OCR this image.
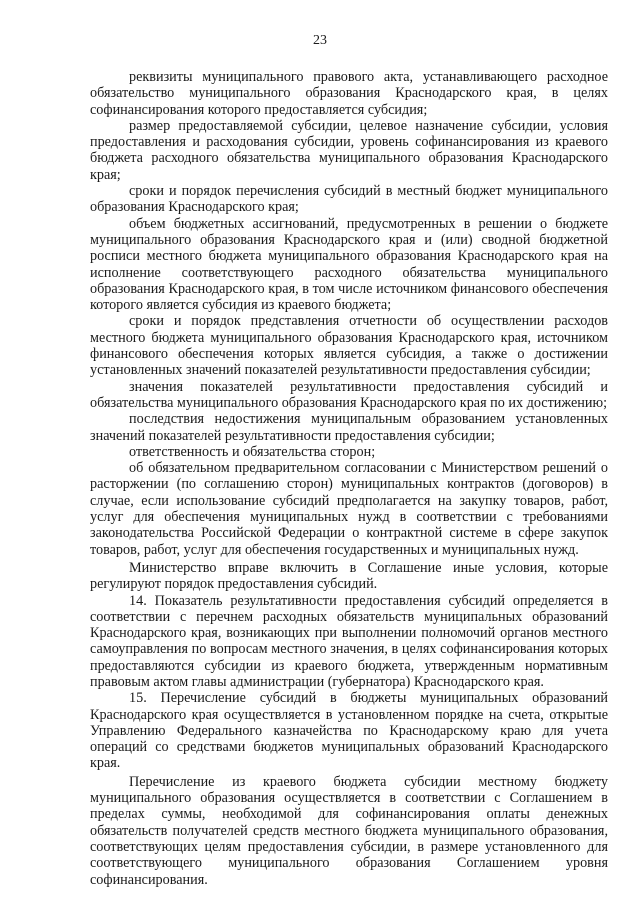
23

реквизиты муниципального правового акта, устанавливающего расходное обязательство муниципального образования Краснодарского края, в целях софинансирования которого предоставляется субсидия;

размер предоставляемой субсидии, целевое назначение субсидии, условия предоставления и расходования субсидии, уровень софинансирования из краевого бюджета расходного обязательства муниципального образования Краснодарского края;

сроки и порядок перечисления субсидий в местный бюджет муниципального образования Краснодарского края;

объем бюджетных ассигнований, предусмотренных в решении о бюджете муниципального образования Краснодарского края и (или) сводной бюджетной росписи местного бюджета муниципального образования Краснодарского края на исполнение соответствующего расходного обязательства муниципального образования Краснодарского края, в том числе источником финансового обеспечения которого является субсидия из краевого бюджета;

сроки и порядок представления отчетности об осуществлении расходов местного бюджета муниципального образования Краснодарского края, источником финансового обеспечения которых является субсидия, а также о достижении установленных значений показателей результативности предоставления субсидии;

значения показателей результативности предоставления субсидий и обязательства муниципального образования Краснодарского края по их достижению;

последствия недостижения муниципальным образованием установленных значений показателей результативности предоставления субсидии;

ответственность и обязательства сторон;

об обязательном предварительном согласовании с Министерством решений о расторжении (по соглашению сторон) муниципальных контрактов (договоров) в случае, если использование субсидий предполагается на закупку товаров, работ, услуг для обеспечения муниципальных нужд в соответствии с требованиями законодательства Российской Федерации о контрактной системе в сфере закупок товаров, работ, услуг для обеспечения государственных и муниципальных нужд.

Министерство вправе включить в Соглашение иные условия, которые регулируют порядок предоставления субсидий.

14. Показатель результативности предоставления субсидий определяется в соответствии с перечнем расходных обязательств муниципальных образований Краснодарского края, возникающих при выполнении полномочий органов местного самоуправления по вопросам местного значения, в целях софинансирования которых предоставляются субсидии из краевого бюджета, утвержденным нормативным правовым актом главы администрации (губернатора) Краснодарского края.

15. Перечисление субсидий в бюджеты муниципальных образований Краснодарского края осуществляется в установленном порядке на счета, открытые Управлению Федерального казначейства по Краснодарскому краю для учета операций со средствами бюджетов муниципальных образований Краснодарского края.

Перечисление из краевого бюджета субсидии местному бюджету муниципального образования осуществляется в соответствии с Соглашением в пределах суммы, необходимой для софинансирования оплаты денежных обязательств получателей средств местного бюджета муниципального образования, соответствующих целям предоставления субсидии, в размере установленного для соответствующего муниципального образования Соглашением уровня софинансирования.
